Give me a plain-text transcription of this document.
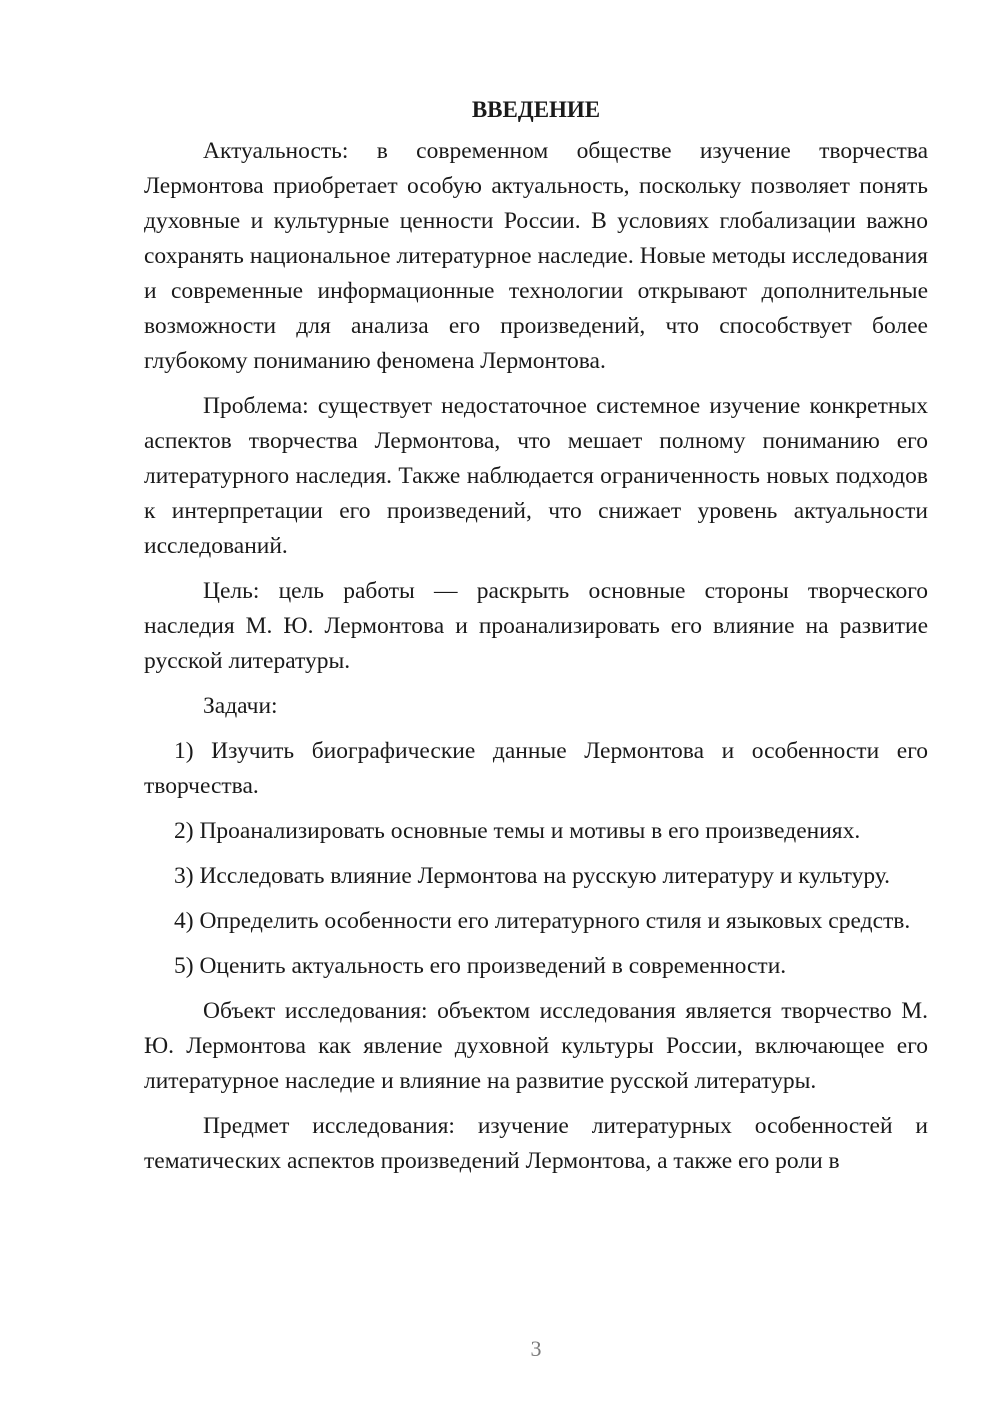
ВВЕДЕНИЕ

Актуальность: в современном обществе изучение творчества Лермонтова приобретает особую актуальность, поскольку позволяет понять духовные и культурные ценности России. В условиях глобализации важно сохранять национальное литературное наследие. Новые методы исследования и современные информационные технологии открывают дополнительные возможности для анализа его произведений, что способствует более глубокому пониманию феномена Лермонтова.

Проблема: существует недостаточное системное изучение конкретных аспектов творчества Лермонтова, что мешает полному пониманию его литературного наследия. Также наблюдается ограниченность новых подходов к интерпретации его произведений, что снижает уровень актуальности исследований.

Цель: цель работы — раскрыть основные стороны творческого наследия М. Ю. Лермонтова и проанализировать его влияние на развитие русской литературы.

Задачи:

1) Изучить биографические данные Лермонтова и особенности его творчества.

2) Проанализировать основные темы и мотивы в его произведениях.

3) Исследовать влияние Лермонтова на русскую литературу и культуру.

4) Определить особенности его литературного стиля и языковых средств.

5) Оценить актуальность его произведений в современности.

Объект исследования: объектом исследования является творчество М. Ю. Лермонтова как явление духовной культуры России, включающее его литературное наследие и влияние на развитие русской литературы.

Предмет исследования: изучение литературных особенностей и тематических аспектов произведений Лермонтова, а также его роли в

3
